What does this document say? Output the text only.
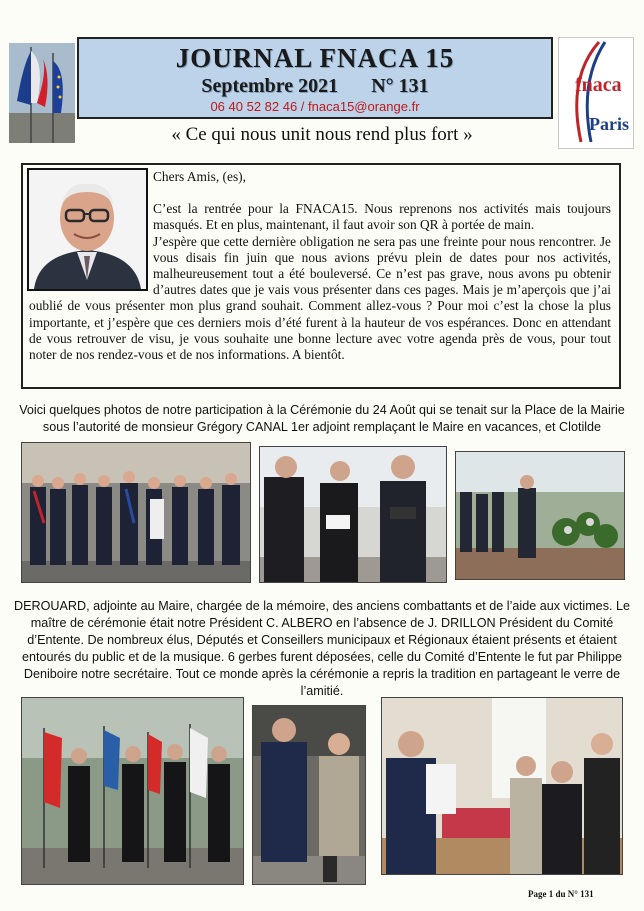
JOURNAL FNACA 15
Septembre 2021 N° 131
06 40 52 82 46 / fnaca15@orange.fr
fnaca
Paris
« Ce qui nous unit nous rend plus fort »

Chers Amis, (es),

C’est la rentrée pour la FNACA15. Nous reprenons nos activités mais toujours masqués. Et en plus, maintenant, il faut avoir son QR à portée de main.

J’espère que cette dernière obligation ne sera pas une freinte pour nous rencontrer. Je vous disais fin juin que nous avions prévu plein de dates pour nos activités, malheureusement tout a été bouleversé. Ce n’est pas grave, nous avons pu obtenir d’autres dates que je vais vous présenter dans ces pages. Mais je m’aperçois que j’ai oublié de vous présenter mon plus grand souhait. Comment allez-vous ? Pour moi c’est la chose la plus importante, et j’espère que ces derniers mois d’été furent à la hauteur de vos espérances. Donc en attendant de vous retrouver de visu, je vous souhaite une bonne lecture avec votre agenda près de vous, pour tout noter de nos rendez-vous et de nos informations. A bientôt.

Voici quelques photos de notre participation à la Cérémonie du 24 Août qui se tenait sur la Place de la Mairie sous l’autorité de monsieur Grégory CANAL 1er adjoint remplaçant le Maire en vacances, et Clotilde
DEROUARD, adjointe au Maire, chargée de la mémoire, des anciens combattants et de l’aide aux victimes. Le maître de cérémonie était notre Président C. ALBERO en l’absence de J. DRILLON Président du Comité d’Entente. De nombreux élus, Députés et Conseillers municipaux et Régionaux étaient présents et étaient entourés du public et de la musique. 6 gerbes furent déposées, celle du Comité d’Entente le fut par Philippe Deniboire notre secrétaire. Tout ce monde après la cérémonie a repris la tradition en partageant le verre de l’amitié.
Page 1 du N° 131
